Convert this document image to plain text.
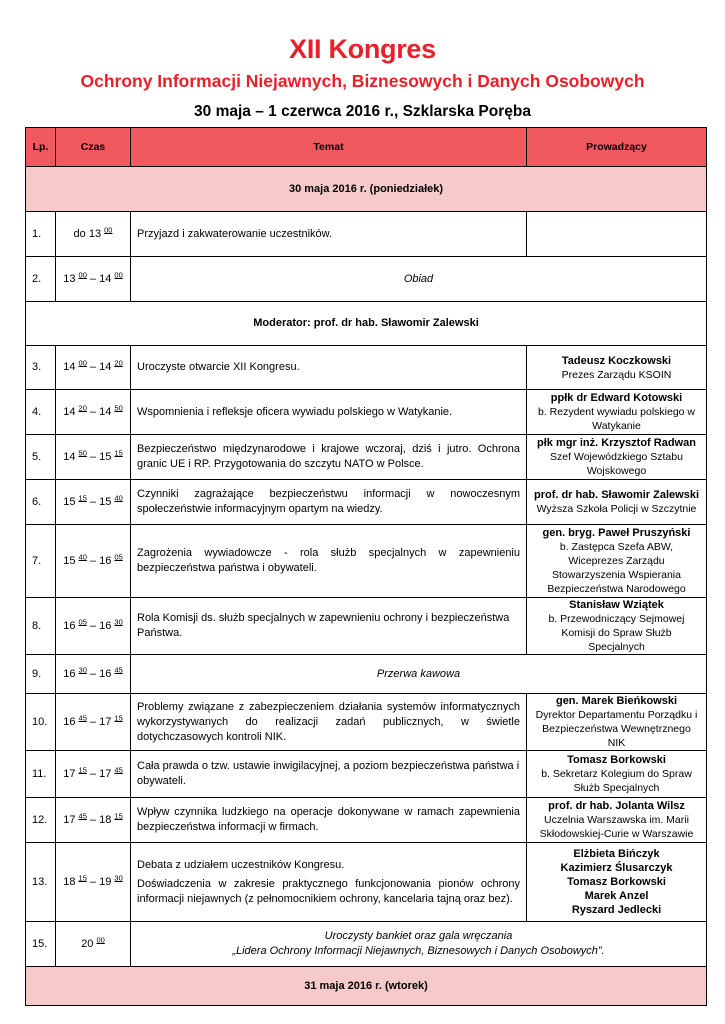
XII Kongres
Ochrony Informacji Niejawnych, Biznesowych i Danych Osobowych
30 maja – 1 czerwca 2016 r., Szklarska Poręba
Lp.	Czas	Temat	Prowadzący
30 maja 2016 r. (poniedziałek)			
1.	do 13 $^{00}$	Przyjazd i zakwaterowanie uczestników.	
2.	13 $^{00}$ – 14 $^{00}$	Obiad	
Moderator: prof. dr hab. Sławomir Zalewski			
3.	14 $^{00}$ – 14 $^{20}$	Uroczyste otwarcie XII Kongresu.	Tadeusz Koczkowski
Prezes Zarządu KSOIN

4.	14 $^{20}$ – 14 $^{50}$	Wspomnienia i refleksje oficera wywiadu polskiego w Watykanie.	ppłk dr Edward Kotowski
b. Rezydent wywiadu polskiego w Watykanie

5.	14 $^{50}$ – 15 $^{15}$	Bezpieczeństwo międzynarodowe i krajowe wczoraj, dziś i jutro. Ochrona granic UE i RP. Przygotowania do szczytu NATO w Polsce.	płk mgr inż. Krzysztof Radwan
Szef Wojewódzkiego Sztabu Wojskowego

6.	15 $^{15}$ – 15 $^{40}$	Czynniki zagrażające bezpieczeństwu informacji w nowoczesnym społeczeństwie informacyjnym opartym na wiedzy.	prof. dr hab. Sławomir Zalewski
Wyższa Szkoła Policji w Szczytnie

7.	15 $^{40}$ – 16 $^{05}$	Zagrożenia wywiadowcze - rola służb specjalnych w zapewnieniu bezpieczeństwa państwa i obywateli.	gen. bryg. Paweł Pruszyński
b. Zastępca Szefa ABW, Wiceprezes Zarządu Stowarzyszenia Wspierania Bezpieczeństwa Narodowego

8.	16 $^{05}$ – 16 $^{30}$	Rola Komisji ds. służb specjalnych w zapewnieniu ochrony i bezpieczeństwa Państwa.	Stanisław Wziątek
b. Przewodniczący Sejmowej Komisji do Spraw Służb Specjalnych

9.	16 $^{30}$ – 16 $^{45}$	Przerwa kawowa	
10.	16 $^{45}$ – 17 $^{15}$	Problemy związane z zabezpieczeniem działania systemów informatycznych wykorzystywanych do realizacji zadań publicznych, w świetle dotychczasowych kontroli NIK.	gen. Marek Bieńkowski
Dyrektor Departamentu Porządku i Bezpieczeństwa Wewnętrznego NIK

11.	17 $^{15}$ – 17 $^{45}$	Cała prawda o tzw. ustawie inwigilacyjnej, a poziom bezpieczeństwa państwa i obywateli.	Tomasz Borkowski
b. Sekretarz Kolegium do Spraw Służb Specjalnych

12.	17 $^{45}$ – 18 $^{15}$	Wpływ czynnika ludzkiego na operacje dokonywane w ramach zapewnienia bezpieczeństwa informacji w firmach.	prof. dr hab. Jolanta Wilsz
Uczelnia Warszawska im. Marii Skłodowskiej-Curie w Warszawie

13.	18 $^{15}$ – 19 $^{30}$	Debata z udziałem uczestników Kongresu.
Doświadczenia w zakresie praktycznego funkcjonowania pionów ochrony informacji niejawnych (z pełnomocnikiem ochrony, kancelaria tajną oraz bez).	Elżbieta Bińczyk
Kazimierz Ślusarczyk
Tomasz Borkowski
Marek Anzel
Ryszard Jedlecki

15.	20 $^{00}$	Uroczysty bankiet oraz gala wręczania
„Lidera Ochrony Informacji Niejawnych, Biznesowych i Danych Osobowych”.	
31 maja 2016 r. (wtorek)			
